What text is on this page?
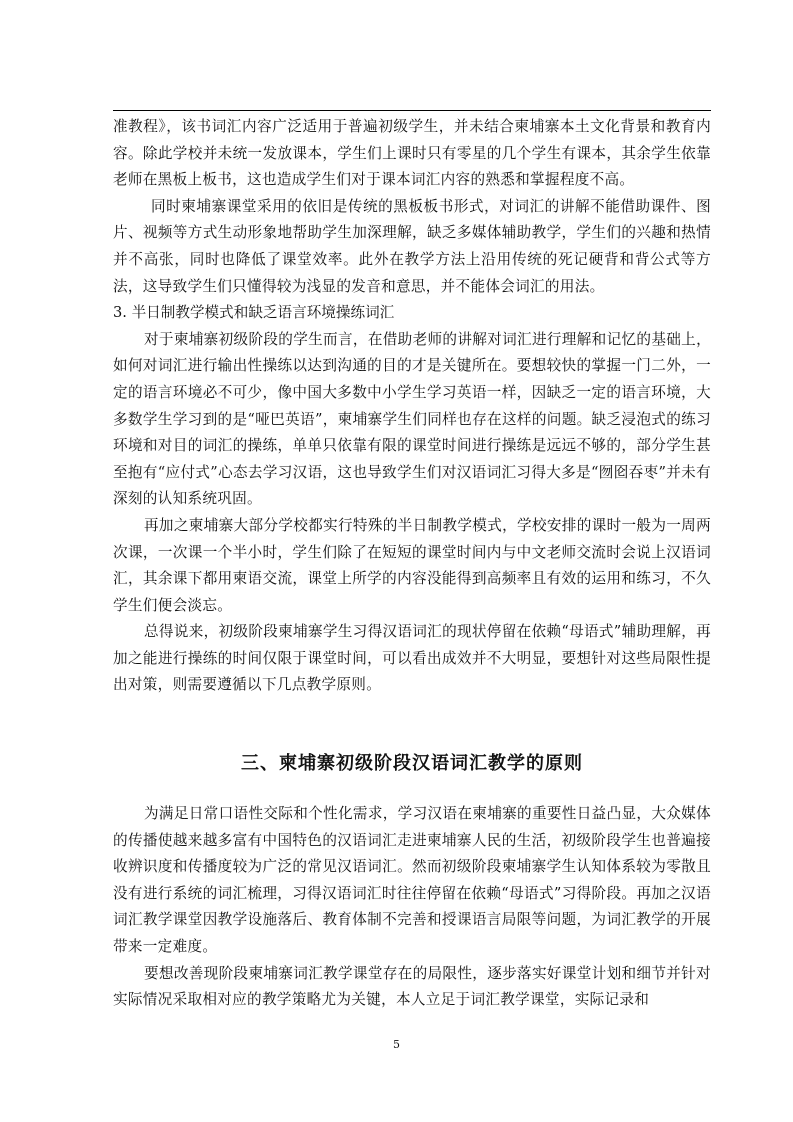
准教程》，该书词汇内容广泛适用于普遍初级学生，并未结合柬埔寨本土文化背景和教育内容。除此学校并未统一发放课本，学生们上课时只有零星的几个学生有课本，其余学生依靠老师在黑板上板书，这也造成学生们对于课本词汇内容的熟悉和掌握程度不高。

同时柬埔寨课堂采用的依旧是传统的黑板板书形式，对词汇的讲解不能借助课件、图片、视频等方式生动形象地帮助学生加深理解，缺乏多媒体辅助教学，学生们的兴趣和热情并不高张，同时也降低了课堂效率。此外在教学方法上沿用传统的死记硬背和背公式等方法，这导致学生们只懂得较为浅显的发音和意思，并不能体会词汇的用法。

3. 半日制教学模式和缺乏语言环境操练词汇

对于柬埔寨初级阶段的学生而言，在借助老师的讲解对词汇进行理解和记忆的基础上，如何对词汇进行输出性操练以达到沟通的目的才是关键所在。要想较快的掌握一门二外，一定的语言环境必不可少，像中国大多数中小学生学习英语一样，因缺乏一定的语言环境，大多数学生学习到的是“哑巴英语”，柬埔寨学生们同样也存在这样的问题。缺乏浸泡式的练习环境和对目的词汇的操练，单单只依靠有限的课堂时间进行操练是远远不够的，部分学生甚至抱有“应付式”心态去学习汉语，这也导致学生们对汉语词汇习得大多是“囫囵吞枣”并未有深刻的认知系统巩固。

再加之柬埔寨大部分学校都实行特殊的半日制教学模式，学校安排的课时一般为一周两次课，一次课一个半小时，学生们除了在短短的课堂时间内与中文老师交流时会说上汉语词汇，其余课下都用柬语交流，课堂上所学的内容没能得到高频率且有效的运用和练习，不久学生们便会淡忘。

总得说来，初级阶段柬埔寨学生习得汉语词汇的现状停留在依赖“母语式”辅助理解，再加之能进行操练的时间仅限于课堂时间，可以看出成效并不大明显，要想针对这些局限性提出对策，则需要遵循以下几点教学原则。

三、柬埔寨初级阶段汉语词汇教学的原则

为满足日常口语性交际和个性化需求，学习汉语在柬埔寨的重要性日益凸显，大众媒体的传播使越来越多富有中国特色的汉语词汇走进柬埔寨人民的生活，初级阶段学生也普遍接收辨识度和传播度较为广泛的常见汉语词汇。然而初级阶段柬埔寨学生认知体系较为零散且没有进行系统的词汇梳理，习得汉语词汇时往往停留在依赖“母语式”习得阶段。再加之汉语词汇教学课堂因教学设施落后、教育体制不完善和授课语言局限等问题，为词汇教学的开展带来一定难度。

要想改善现阶段柬埔寨词汇教学课堂存在的局限性，逐步落实好课堂计划和细节并针对实际情况采取相对应的教学策略尤为关键，本人立足于词汇教学课堂，实际记录和

5
